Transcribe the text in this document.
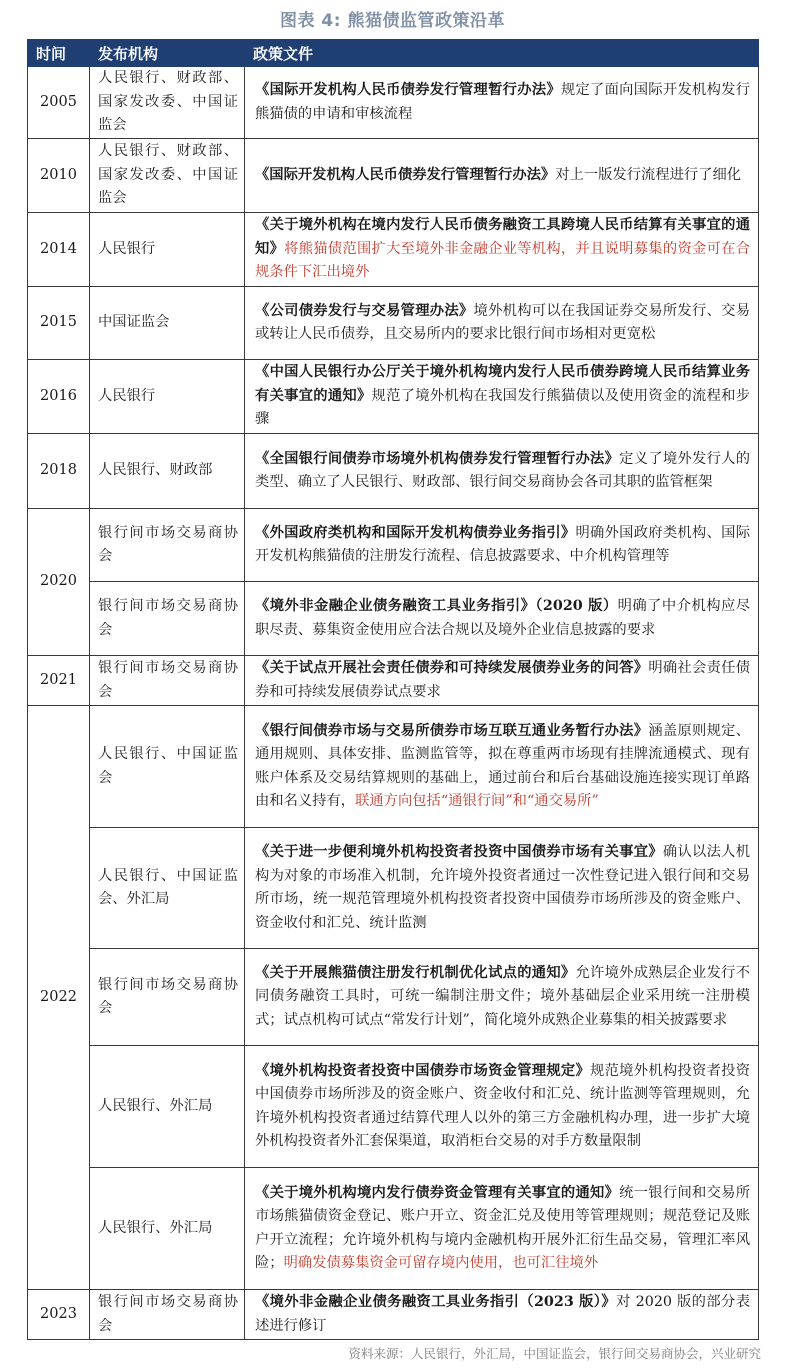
图表 4: 熊猫债监管政策沿革
时间	发布机构	政策文件
2005	人民银行、财政部、国家发改委、中国证监会	《国际开发机构人民币债券发行管理暂行办法》规定了面向国际开发机构发行熊猫债的申请和审核流程
2010	人民银行、财政部、国家发改委、中国证监会	《国际开发机构人民币债券发行管理暂行办法》对上一版发行流程进行了细化
2014	人民银行	《关于境外机构在境内发行人民币债务融资工具跨境人民币结算有关事宜的通知》将熊猫债范围扩大至境外非金融企业等机构，并且说明募集的资金可在合规条件下汇出境外
2015	中国证监会	《公司债券发行与交易管理办法》境外机构可以在我国证券交易所发行、交易或转让人民币债券，且交易所内的要求比银行间市场相对更宽松
2016	人民银行	《中国人民银行办公厅关于境外机构境内发行人民币债券跨境人民币结算业务有关事宜的通知》规范了境外机构在我国发行熊猫债以及使用资金的流程和步骤
2018	人民银行、财政部	《全国银行间债券市场境外机构债券发行管理暂行办法》定义了境外发行人的类型、确立了人民银行、财政部、银行间交易商协会各司其职的监管框架
2020	银行间市场交易商协会	《外国政府类机构和国际开发机构债券业务指引》明确外国政府类机构、国际开发机构熊猫债的注册发行流程、信息披露要求、中介机构管理等
	银行间市场交易商协会	《境外非金融企业债务融资工具业务指引》（2020 版）明确了中介机构应尽职尽责、募集资金使用应合法合规以及境外企业信息披露的要求
2021	银行间市场交易商协会	《关于试点开展社会责任债券和可持续发展债券业务的问答》明确社会责任债券和可持续发展债券试点要求
2022	人民银行、中国证监会	《银行间债券市场与交易所债券市场互联互通业务暂行办法》涵盖原则规定、通用规则、具体安排、监测监管等，拟在尊重两市场现有挂牌流通模式、现有账户体系及交易结算规则的基础上，通过前台和后台基础设施连接实现订单路由和名义持有，联通方向包括“通银行间”和“通交易所”
	人民银行、中国证监会、外汇局	《关于进一步便利境外机构投资者投资中国债券市场有关事宜》确认以法人机构为对象的市场准入机制，允许境外投资者通过一次性登记进入银行间和交易所市场，统一规范管理境外机构投资者投资中国债券市场所涉及的资金账户、资金收付和汇兑、统计监测
	银行间市场交易商协会	《关于开展熊猫债注册发行机制优化试点的通知》允许境外成熟层企业发行不同债务融资工具时，可统一编制注册文件；境外基础层企业采用统一注册模式；试点机构可试点“常发行计划”，简化境外成熟企业募集的相关披露要求
	人民银行、外汇局	《境外机构投资者投资中国债券市场资金管理规定》规范境外机构投资者投资中国债券市场所涉及的资金账户、资金收付和汇兑、统计监测等管理规则，允许境外机构投资者通过结算代理人以外的第三方金融机构办理，进一步扩大境外机构投资者外汇套保渠道，取消柜台交易的对手方数量限制
	人民银行、外汇局	《关于境外机构境内发行债券资金管理有关事宜的通知》统一银行间和交易所市场熊猫债资金登记、账户开立、资金汇兑及使用等管理规则；规范登记及账户开立流程；允许境外机构与境内金融机构开展外汇衍生品交易，管理汇率风险；明确发债募集资金可留存境内使用，也可汇往境外
2023	银行间市场交易商协会	《境外非金融企业债务融资工具业务指引（2023 版）》对 2020 版的部分表述进行修订
资料来源：人民银行，外汇局，中国证监会，银行间交易商协会，兴业研究
